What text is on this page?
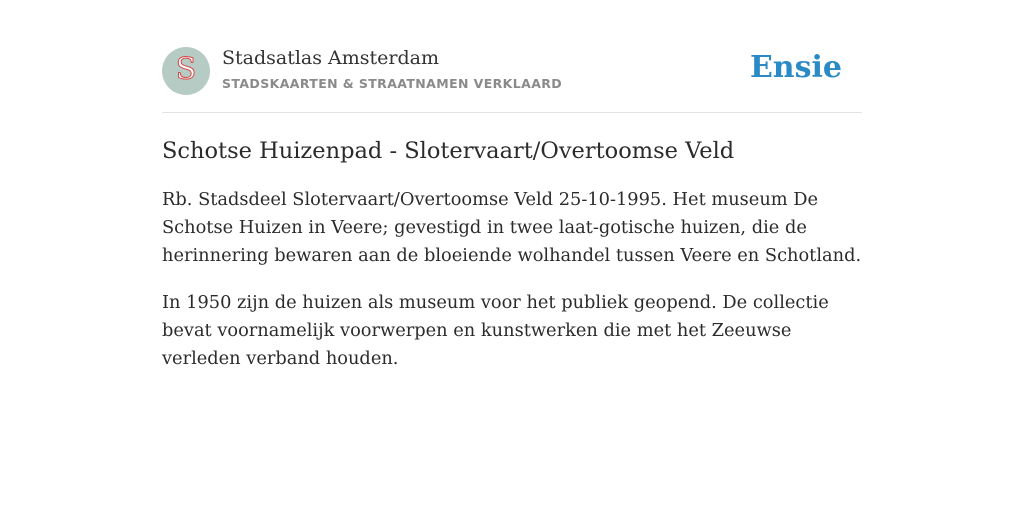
S Stadsatlas Amsterdam
STADSKAARTEN & STRAATNAMEN VERKLAARD	Ensie
Schotse Huizenpad - Slotervaart/Overtoomse Veld

Rb. Stadsdeel Slotervaart/Overtoomse Veld 25-10-1995. Het museum De Schotse Huizen in Veere; gevestigd in twee laat-gotische huizen, die de herinnering bewaren aan de bloeiende wolhandel tussen Veere en Schotland.

In 1950 zijn de huizen als museum voor het publiek geopend. De collectie bevat voornamelijk voorwerpen en kunstwerken die met het Zeeuwse verleden verband houden.
